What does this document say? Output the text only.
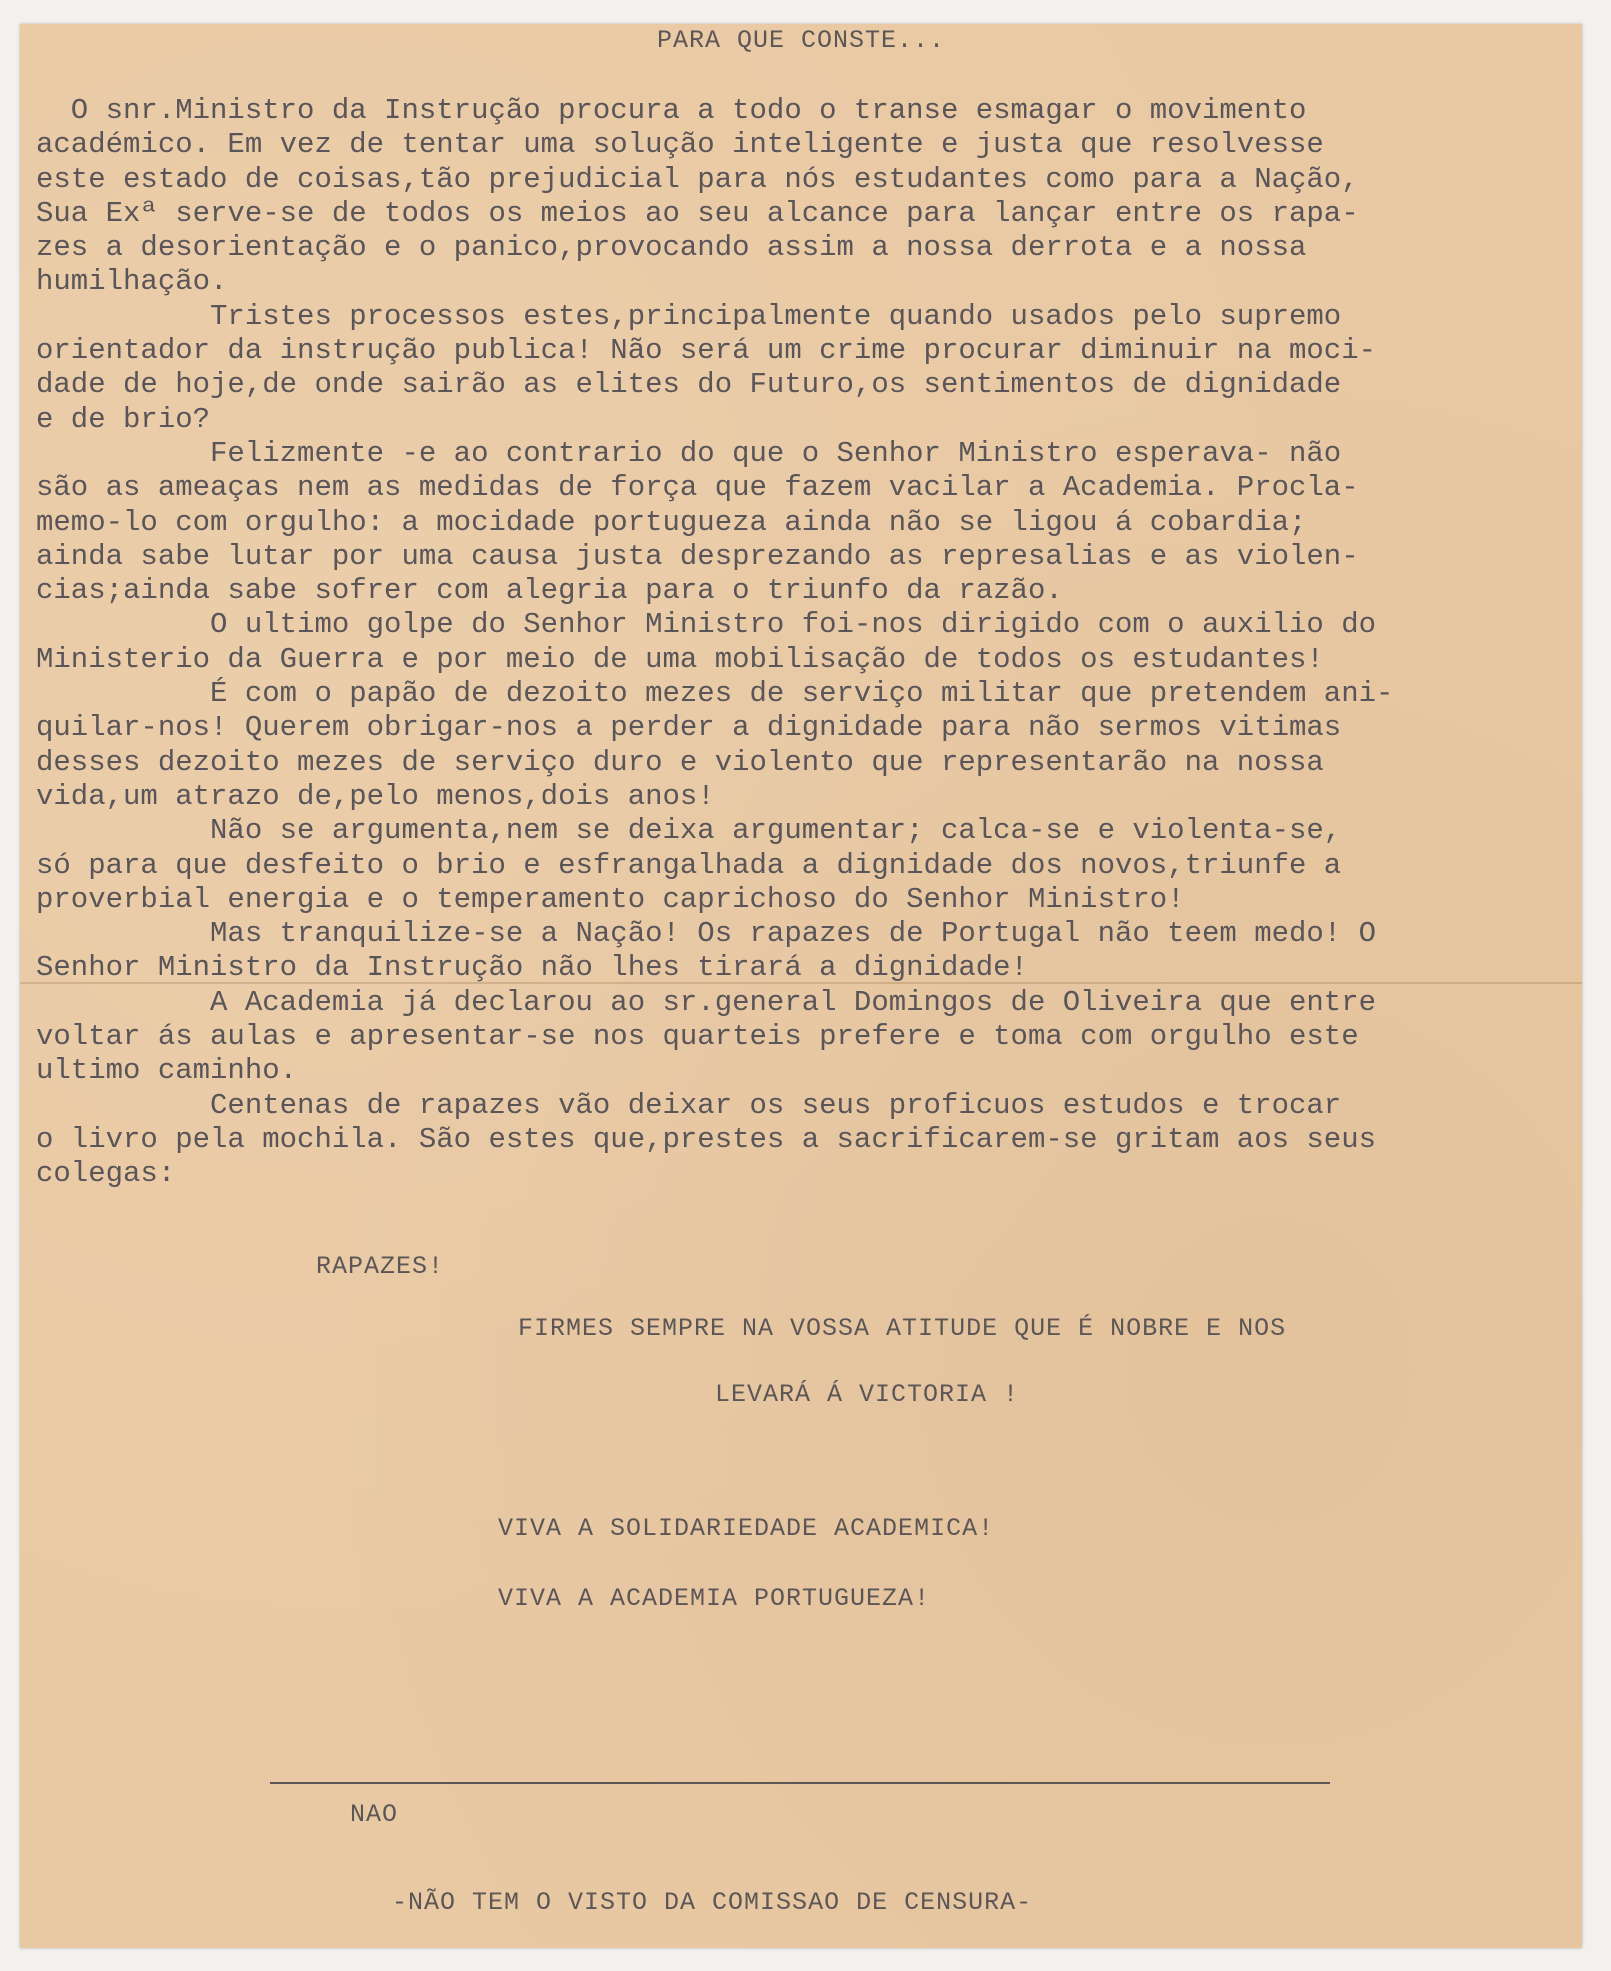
PARA QUE CONSTE...
O snr.Ministro da Instrução procura a todo o transe esmagar o movimento
académico. Em vez de tentar uma solução inteligente e justa que resolvesse
este estado de coisas,tão prejudicial para nós estudantes como para a Nação,
Sua Exª serve-se de todos os meios ao seu alcance para lançar entre os rapa-
zes a desorientação e o panico,provocando assim a nossa derrota e a nossa
humilhação.
Tristes processos estes,principalmente quando usados pelo supremo
orientador da instrução publica! Não será um crime procurar diminuir na moci-
dade de hoje,de onde sairão as elites do Futuro,os sentimentos de dignidade
e de brio?
Felizmente -e ao contrario do que o Senhor Ministro esperava- não
são as ameaças nem as medidas de força que fazem vacilar a Academia. Procla-
memo-lo com orgulho: a mocidade portugueza ainda não se ligou á cobardia;
ainda sabe lutar por uma causa justa desprezando as represalias e as violen-
cias;ainda sabe sofrer com alegria para o triunfo da razão.
O ultimo golpe do Senhor Ministro foi-nos dirigido com o auxilio do
Ministerio da Guerra e por meio de uma mobilisação de todos os estudantes!
É com o papão de dezoito mezes de serviço militar que pretendem ani-
quilar-nos! Querem obrigar-nos a perder a dignidade para não sermos vitimas
desses dezoito mezes de serviço duro e violento que representarão na nossa
vida,um atrazo de,pelo menos,dois anos!
Não se argumenta,nem se deixa argumentar; calca-se e violenta-se,
só para que desfeito o brio e esfrangalhada a dignidade dos novos,triunfe a
proverbial energia e o temperamento caprichoso do Senhor Ministro!
Mas tranquilize-se a Nação! Os rapazes de Portugal não teem medo! O
Senhor Ministro da Instrução não lhes tirará a dignidade!
A Academia já declarou ao sr.general Domingos de Oliveira que entre
voltar ás aulas e apresentar-se nos quarteis prefere e toma com orgulho este
ultimo caminho.
Centenas de rapazes vão deixar os seus proficuos estudos e trocar
o livro pela mochila. São estes que,prestes a sacrificarem-se gritam aos seus
colegas:
RAPAZES!
FIRMES SEMPRE NA VOSSA ATITUDE QUE É NOBRE E NOS
LEVARÁ Á VICTORIA !
VIVA A SOLIDARIEDADE ACADEMICA!
VIVA A ACADEMIA PORTUGUEZA!
NAO
-NÃO TEM O VISTO DA COMISSAO DE CENSURA-
